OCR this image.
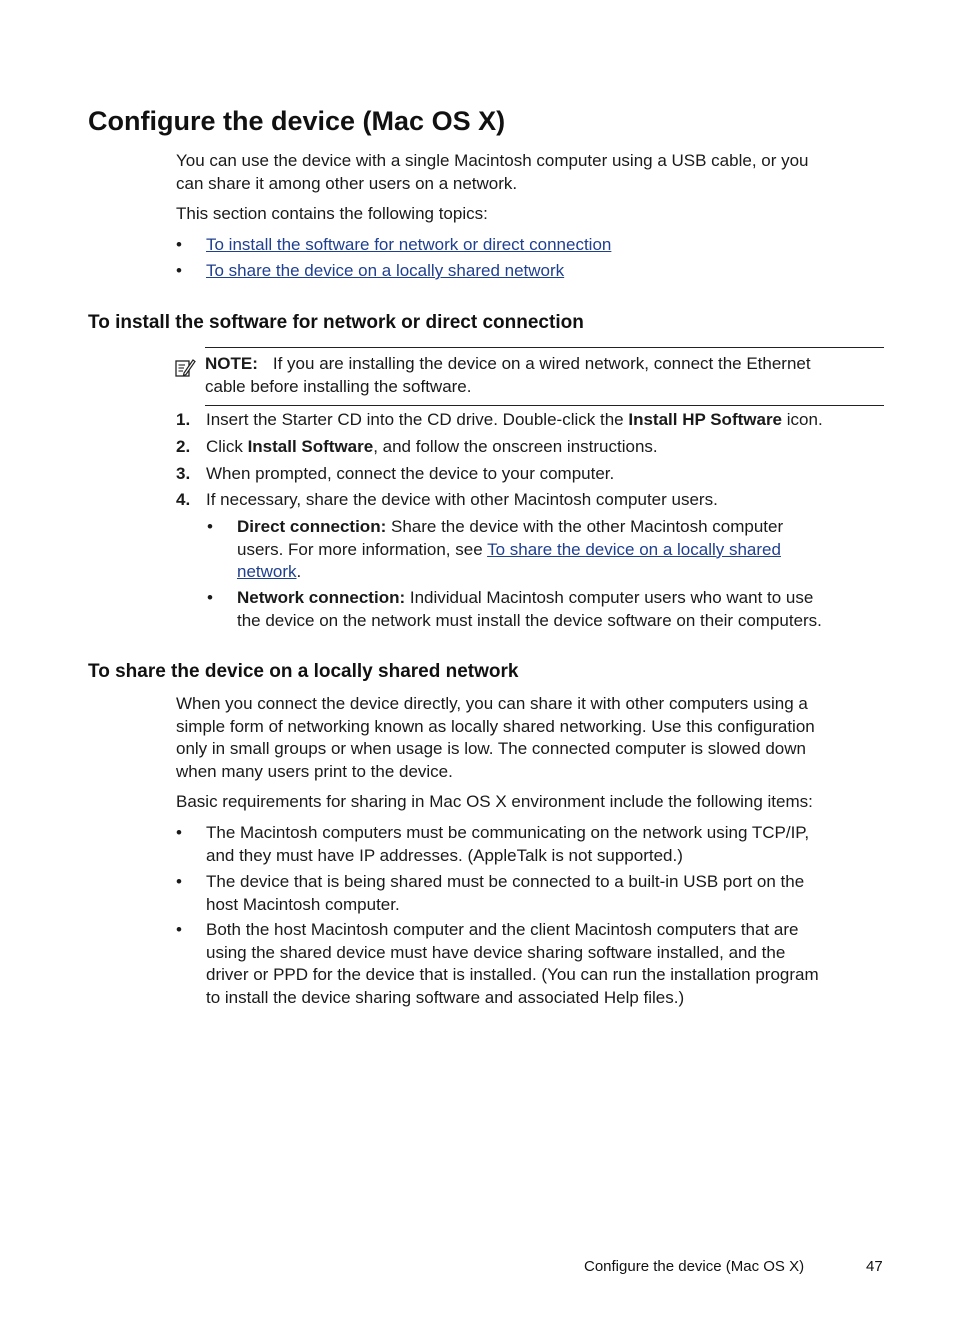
Configure the device (Mac OS X)
You can use the device with a single Macintosh computer using a USB cable, or you
can share it among other users on a network.
This section contains the following topics:
• To install the software for network or direct connection
• To share the device on a locally shared network
To install the software for network or direct connection
NOTE: If you are installing the device on a wired network, connect the Ethernet
cable before installing the software.
1. Insert the Starter CD into the CD drive. Double-click the Install HP Software icon.
2. Click Install Software, and follow the onscreen instructions.
3. When prompted, connect the device to your computer.
4. If necessary, share the device with other Macintosh computer users.
• Direct connection: Share the device with the other Macintosh computer
users. For more information, see To share the device on a locally shared
network.
• Network connection: Individual Macintosh computer users who want to use
the device on the network must install the device software on their computers.
To share the device on a locally shared network
When you connect the device directly, you can share it with other computers using a
simple form of networking known as locally shared networking. Use this configuration
only in small groups or when usage is low. The connected computer is slowed down
when many users print to the device.
Basic requirements for sharing in Mac OS X environment include the following items:
• The Macintosh computers must be communicating on the network using TCP/IP,
and they must have IP addresses. (AppleTalk is not supported.)
• The device that is being shared must be connected to a built-in USB port on the
host Macintosh computer.
• Both the host Macintosh computer and the client Macintosh computers that are
using the shared device must have device sharing software installed, and the
driver or PPD for the device that is installed. (You can run the installation program
to install the device sharing software and associated Help files.)
Configure the device (Mac OS X)	47
